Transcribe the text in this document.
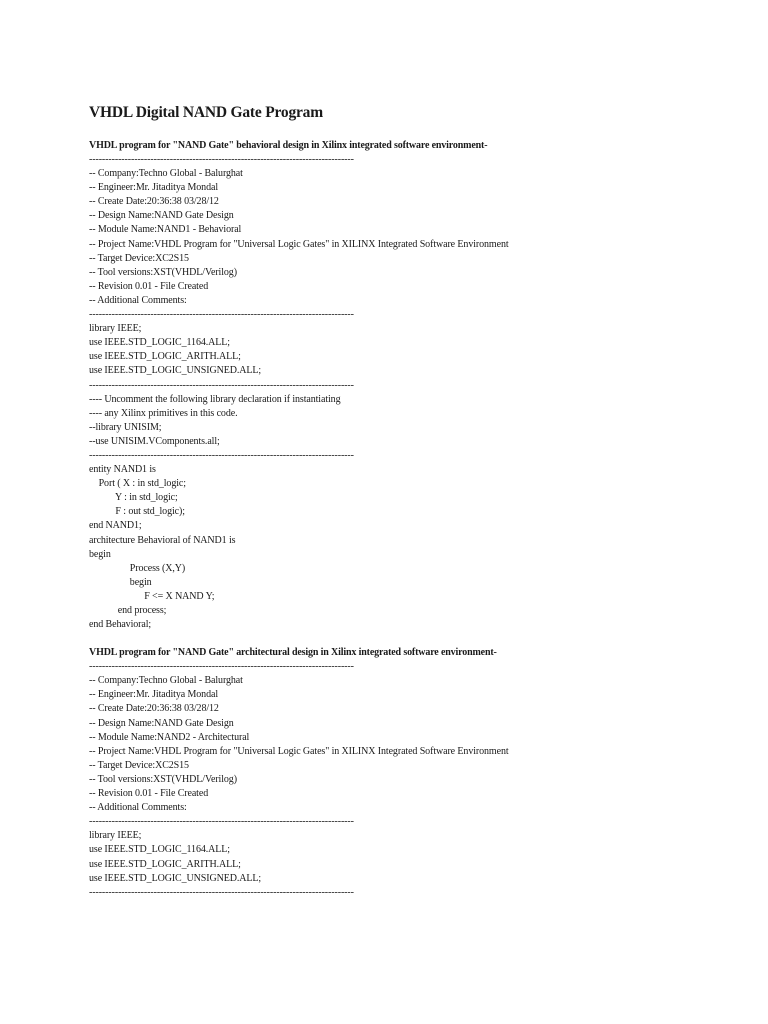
VHDL Digital NAND Gate Program
VHDL program for "NAND Gate" behavioral design in Xilinx integrated software environment-
----------------------------------------------------------------------------------
-- Company:Techno Global - Balurghat
-- Engineer:Mr. Jitaditya Mondal
-- Create Date:20:36:38 03/28/12
-- Design Name:NAND Gate Design
-- Module Name:NAND1 - Behavioral
-- Project Name:VHDL Program for "Universal Logic Gates" in XILINX Integrated Software Environment
-- Target Device:XC2S15
-- Tool versions:XST(VHDL/Verilog)
-- Revision 0.01 - File Created
-- Additional Comments:
----------------------------------------------------------------------------------
library IEEE;
use IEEE.STD_LOGIC_1164.ALL;
use IEEE.STD_LOGIC_ARITH.ALL;
use IEEE.STD_LOGIC_UNSIGNED.ALL;
----------------------------------------------------------------------------------
---- Uncomment the following library declaration if instantiating
---- any Xilinx primitives in this code.
--library UNISIM;
--use UNISIM.VComponents.all;
----------------------------------------------------------------------------------
entity NAND1 is
Port ( X : in std_logic;
Y : in std_logic;
F : out std_logic);
end NAND1;
architecture Behavioral of NAND1 is
begin
Process (X,Y)
begin
F <= X NAND Y;
end process;
end Behavioral;
VHDL program for "NAND Gate" architectural design in Xilinx integrated software environment-
----------------------------------------------------------------------------------
-- Company:Techno Global - Balurghat
-- Engineer:Mr. Jitaditya Mondal
-- Create Date:20:36:38 03/28/12
-- Design Name:NAND Gate Design
-- Module Name:NAND2 - Architectural
-- Project Name:VHDL Program for "Universal Logic Gates" in XILINX Integrated Software Environment
-- Target Device:XC2S15
-- Tool versions:XST(VHDL/Verilog)
-- Revision 0.01 - File Created
-- Additional Comments:
----------------------------------------------------------------------------------
library IEEE;
use IEEE.STD_LOGIC_1164.ALL;
use IEEE.STD_LOGIC_ARITH.ALL;
use IEEE.STD_LOGIC_UNSIGNED.ALL;
----------------------------------------------------------------------------------
